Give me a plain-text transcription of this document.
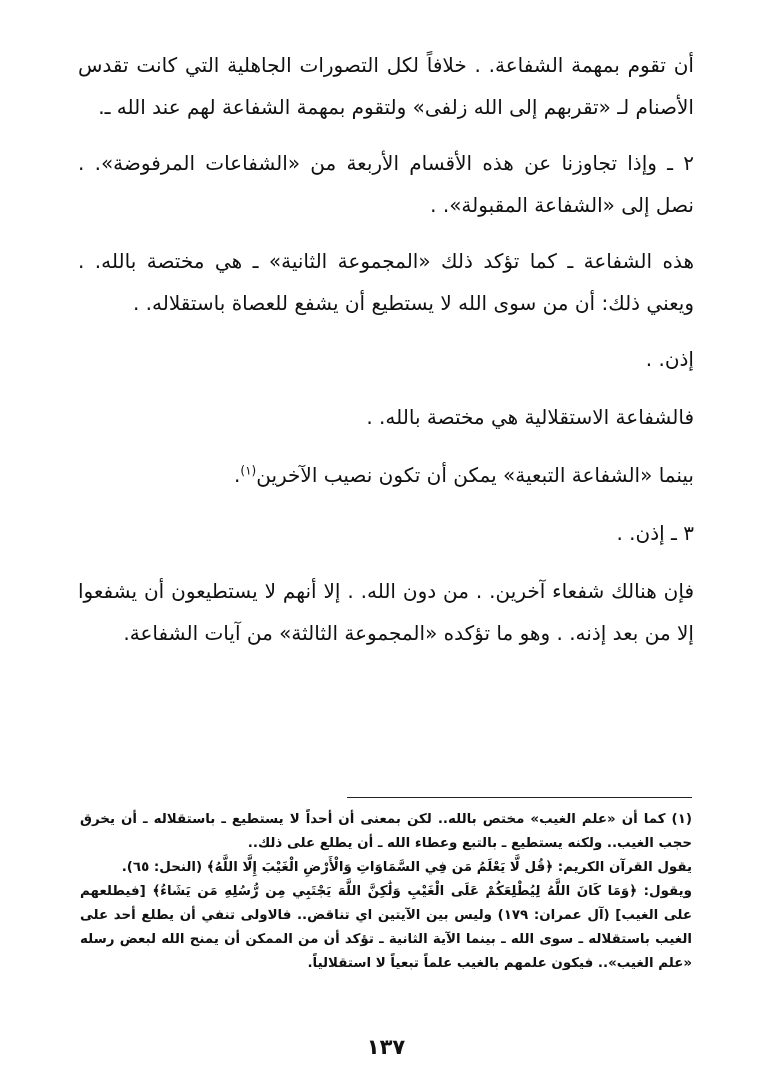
أن تقوم بمهمة الشفاعة. . خلافاً لكل التصورات الجاهلية التي كانت تقدس الأصنام لـ «تقربهم إلى الله زلفى» ولتقوم بمهمة الشفاعة لهم عند الله ـ.

٢ ـ وإذا تجاوزنا عن هذه الأقسام الأربعة من «الشفاعات المرفوضة». . نصل إلى «الشفاعة المقبولة». .

هذه الشفاعة ـ كما تؤكد ذلك «المجموعة الثانية» ـ هي مختصة بالله. . ويعني ذلك: أن من سوى الله لا يستطيع أن يشفع للعصاة باستقلاله. .

إذن. .

فالشفاعة الاستقلالية هي مختصة بالله. .

بينما «الشفاعة التبعية» يمكن أن تكون نصيب الآخرين$^{(١)}$.

٣ ـ إذن. .

فإن هنالك شفعاء آخرين. . من دون الله. . إلا أنهم لا يستطيعون أن يشفعوا إلا من بعد إذنه. . وهو ما تؤكده «المجموعة الثالثة» من آيات الشفاعة.

(١) كما أن «علم الغيب» مختص بالله.. لكن بمعنى أن أحداً لا يستطيع ـ باستقلاله ـ أن يخرق حجب الغيب.. ولكنه يستطيع ـ بالتبع وعطاء الله ـ أن يطلع على ذلك..

يقول القرآن الكريم: ﴿قُل لَّا يَعْلَمُ مَن فِي السَّمَاوَاتِ وَالْأَرْضِ الْغَيْبَ إِلَّا اللَّهُ﴾ (النحل: ٦٥).

ويقول: ﴿وَمَا كَانَ اللَّهُ لِيُطْلِعَكُمْ عَلَى الْغَيْبِ وَلَٰكِنَّ اللَّهَ يَجْتَبِي مِن رُّسُلِهِ مَن يَشَاءُ﴾ [فيطلعهم على الغيب] (آل عمران: ١٧٩) وليس بين الآيتين اي تناقض.. فالاولى تنفي أن يطلع أحد على الغيب باستقلاله ـ سوى الله ـ بينما الآية الثانية ـ تؤكد أن من الممكن أن يمنح الله لبعض رسله «علم الغيب».. فيكون علمهم بالغيب علماً تبعياً لا استقلالياً.

١٣٧
